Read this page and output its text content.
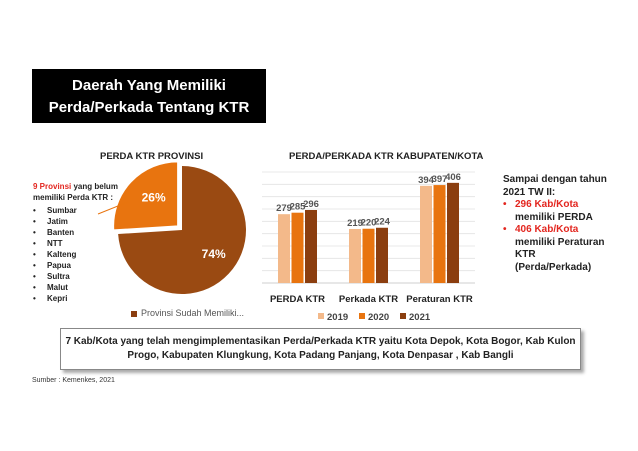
Daerah Yang Memiliki
Perda/Perkada Tentang KTR
PERDA KTR PROVINSI	PERDA/PERKADA KTR KABUPATEN/KOTA
74%
26%
279
285
296
PERDA KTR
219
220
224
Perkada KTR
394
397
406
Peraturan KTR
2019 2020 2021
9 Provinsi yang belum memiliki Perda KTR :
• Sumbar
• Jatim
• Banten
• NTT
• Kalteng
• Papua
• Sultra
• Malut
• Kepri
Provinsi Sudah Memiliki...
Sampai dengan tahun 2021 TW II:
• 296 Kab/Kota
memiliki PERDA
• 406 Kab/Kota
memiliki Peraturan KTR (Perda/Perkada)
7 Kab/Kota yang telah mengimplementasikan Perda/Perkada KTR yaitu Kota Depok, Kota Bogor, Kab Kulon Progo, Kabupaten Klungkung, Kota Padang Panjang, Kota Denpasar , Kab Bangli
Sumber : Kemenkes, 2021
